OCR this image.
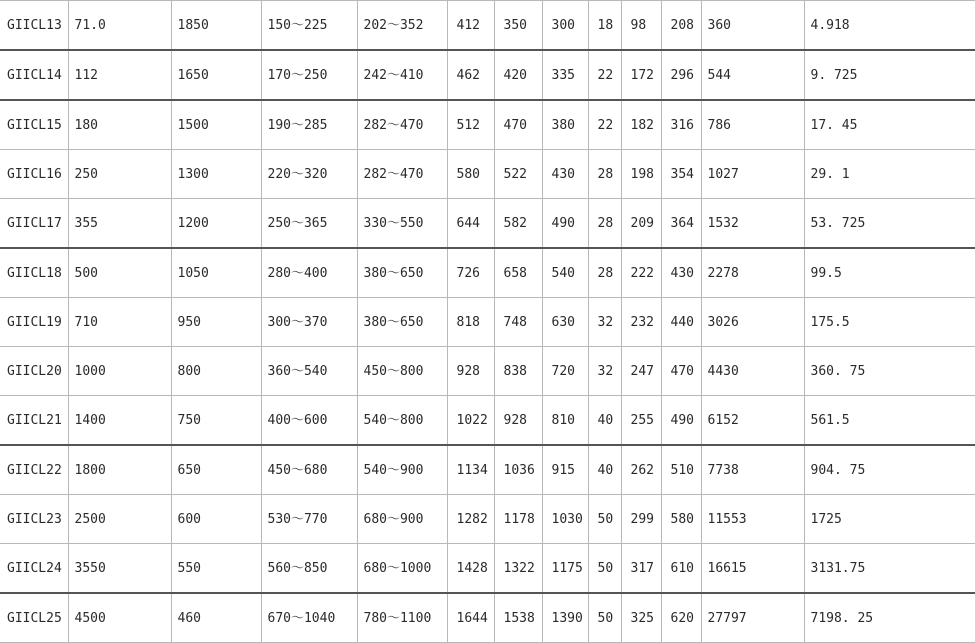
GIICL13	71.0	1850	150～225	202～352	412	350	300	18	98	208	360	4.918
GIICL14	112	1650	170～250	242～410	462	420	335	22	172	296	544	9. 725
GIICL15	180	1500	190～285	282～470	512	470	380	22	182	316	786	17. 45
GIICL16	250	1300	220～320	282～470	580	522	430	28	198	354	1027	29. 1
GIICL17	355	1200	250～365	330～550	644	582	490	28	209	364	1532	53. 725
GIICL18	500	1050	280～400	380～650	726	658	540	28	222	430	2278	99.5
GIICL19	710	950	300～370	380～650	818	748	630	32	232	440	3026	175.5
GIICL20	1000	800	360～540	450～800	928	838	720	32	247	470	4430	360. 75
GIICL21	1400	750	400～600	540～800	1022	928	810	40	255	490	6152	561.5
GIICL22	1800	650	450～680	540～900	1134	1036	915	40	262	510	7738	904. 75
GIICL23	2500	600	530～770	680～900	1282	1178	1030	50	299	580	11553	1725
GIICL24	3550	550	560～850	680～1000	1428	1322	1175	50	317	610	16615	3131.75
GIICL25	4500	460	670～1040	780～1100	1644	1538	1390	50	325	620	27797	7198. 25
